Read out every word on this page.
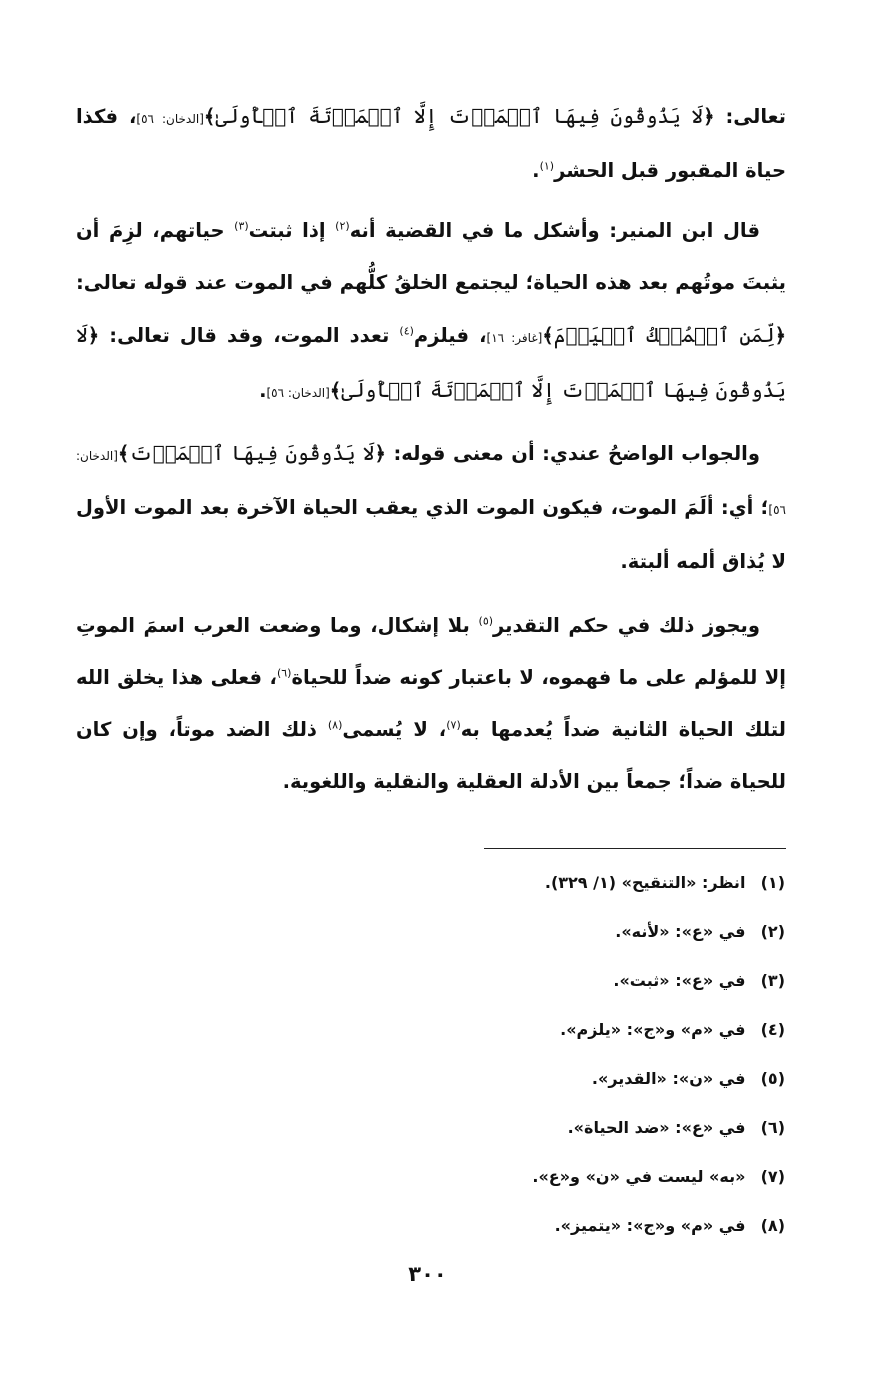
تعالى: ﴿لَا يَذُوقُونَ فِيهَا ٱلۡمَوۡتَ إِلَّا ٱلۡمَوۡتَةَ ٱلۡأُولَىٰ﴾[الدخان: ٥٦]، فكذا حياة المقبور قبل الحشر$^{(١)}$.

قال ابن المنير: وأشكل ما في القضية أنه$^{(٢)}$ إذا ثبتت$^{(٣)}$ حياتهم، لزِمَ أن يثبتَ موتُهم بعد هذه الحياة؛ ليجتمع الخلقُ كلُّهم في الموت عند قوله تعالى: ﴿لِّمَنِ ٱلۡمُلۡكُ ٱلۡيَوۡمَ﴾[غافر: ١٦]، فيلزم$^{(٤)}$ تعدد الموت، وقد قال تعالى: ﴿لَا يَذُوقُونَ فِيهَا ٱلۡمَوۡتَ إِلَّا ٱلۡمَوۡتَةَ ٱلۡأُولَىٰ﴾[الدخان: ٥٦].

والجواب الواضحُ عندي: أن معنى قوله: ﴿لَا يَذُوقُونَ فِيهَا ٱلۡمَوۡتَ﴾[الدخان: ٥٦]؛ أي: ألَمَ الموت، فيكون الموت الذي يعقب الحياة الآخرة بعد الموت الأول لا يُذاق ألمه ألبتة.

ويجوز ذلك في حكم التقدير$^{(٥)}$ بلا إشكال، وما وضعت العرب اسمَ الموتِ إلا للمؤلم على ما فهموه، لا باعتبار كونه ضداً للحياة$^{(٦)}$، فعلى هذا يخلق الله لتلك الحياة الثانية ضداً يُعدمها به$^{(٧)}$، لا يُسمى$^{(٨)}$ ذلك الضد موتاً، وإن كان للحياة ضداً؛ جمعاً بين الأدلة العقلية والنقلية واللغوية.

(١) انظر: «التنقيح» (١/ ٣٢٩).
(٢) في «ع»: «لأنه».
(٣) في «ع»: «ثبت».
(٤) في «م» و«ج»: «يلزم».
(٥) في «ن»: «القدير».
(٦) في «ع»: «ضد الحياة».
(٧) «به» ليست في «ن» و«ع».
(٨) في «م» و«ج»: «يتميز».
٣٠٠
